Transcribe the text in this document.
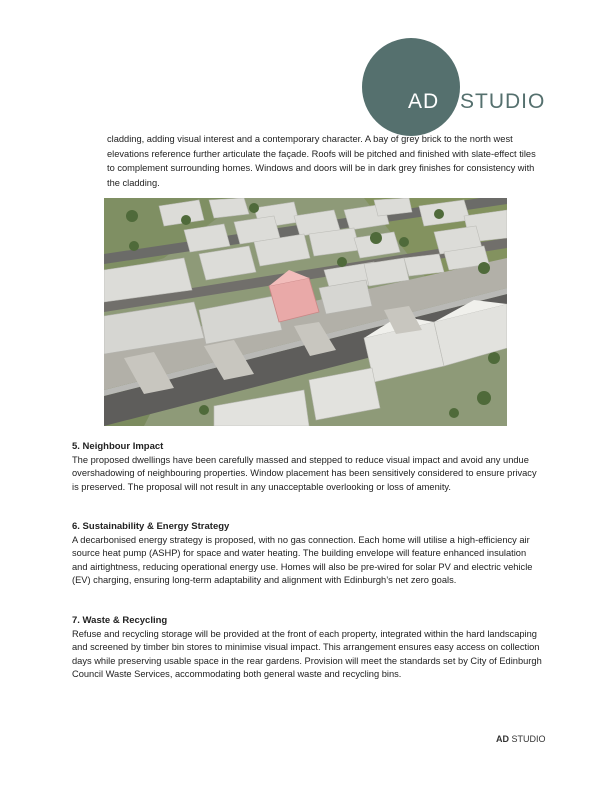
AD STUDIO

cladding, adding visual interest and a contemporary character. A bay of grey brick to the north west elevations reference further articulate the façade. Roofs will be pitched and finished with slate-effect tiles to complement surrounding homes. Windows and doors will be in dark grey finishes for consistency with the cladding.

5. Neighbour Impact

The proposed dwellings have been carefully massed and stepped to reduce visual impact and avoid any undue overshadowing of neighbouring properties. Window placement has been sensitively considered to ensure privacy is preserved. The proposal will not result in any unacceptable overlooking or loss of amenity.

6. Sustainability & Energy Strategy

A decarbonised energy strategy is proposed, with no gas connection. Each home will utilise a high-efficiency air source heat pump (ASHP) for space and water heating. The building envelope will feature enhanced insulation and airtightness, reducing operational energy use. Homes will also be pre-wired for solar PV and electric vehicle (EV) charging, ensuring long-term adaptability and alignment with Edinburgh’s net zero goals.

7. Waste & Recycling

Refuse and recycling storage will be provided at the front of each property, integrated within the hard landscaping and screened by timber bin stores to minimise visual impact. This arrangement ensures easy access on collection days while preserving usable space in the rear gardens. Provision will meet the standards set by City of Edinburgh Council Waste Services, accommodating both general waste and recycling bins.

AD STUDIO
